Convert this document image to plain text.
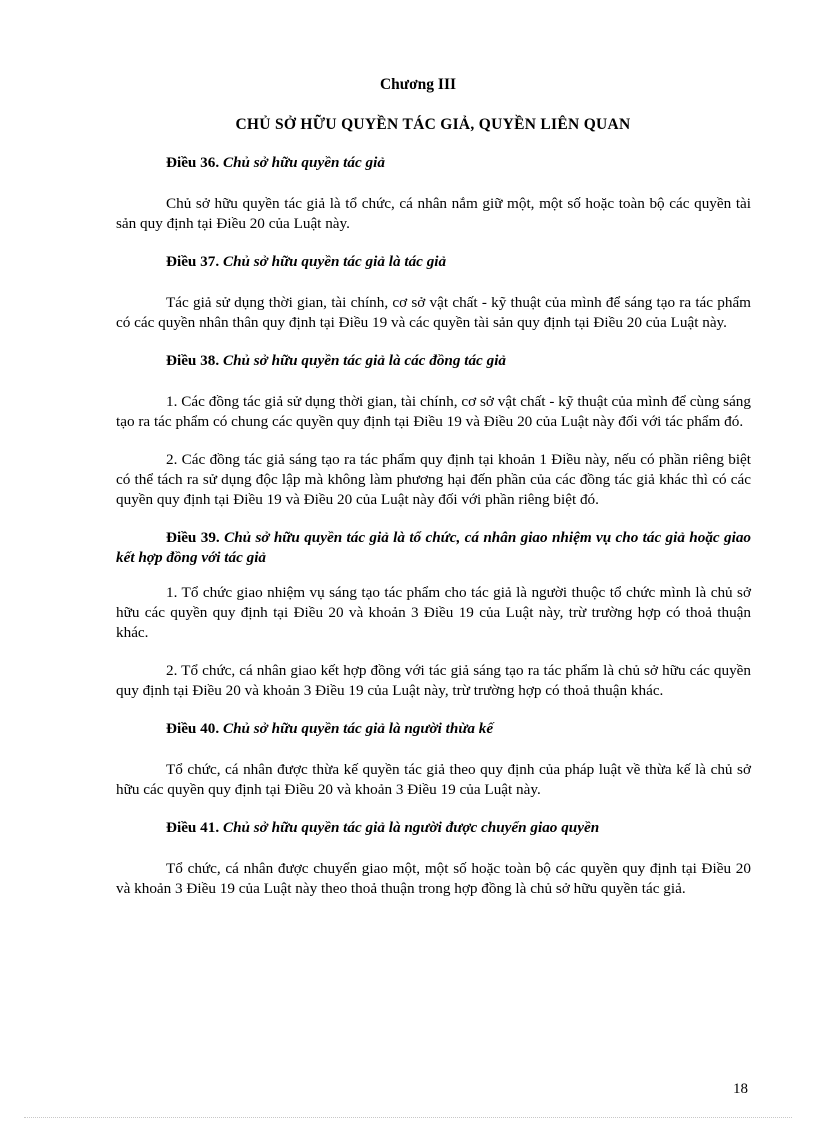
Chương III
CHỦ SỞ HỮU QUYỀN TÁC GIẢ, QUYỀN LIÊN QUAN

Điều 36. Chủ sở hữu quyền tác giả

Chủ sở hữu quyền tác giả là tổ chức, cá nhân nắm giữ một, một số hoặc toàn bộ các quyền tài sản quy định tại Điều 20 của Luật này.

Điều 37. Chủ sở hữu quyền tác giả là tác giả

Tác giả sử dụng thời gian, tài chính, cơ sở vật chất - kỹ thuật của mình để sáng tạo ra tác phẩm có các quyền nhân thân quy định tại Điều 19 và các quyền tài sản quy định tại Điều 20 của Luật này.

Điều 38. Chủ sở hữu quyền tác giả là các đồng tác giả

1. Các đồng tác giả sử dụng thời gian, tài chính, cơ sở vật chất - kỹ thuật của mình để cùng sáng tạo ra tác phẩm có chung các quyền quy định tại Điều 19 và Điều 20 của Luật này đối với tác phẩm đó.

2. Các đồng tác giả sáng tạo ra tác phẩm quy định tại khoản 1 Điều này, nếu có phần riêng biệt có thể tách ra sử dụng độc lập mà không làm phương hại đến phần của các đồng tác giả khác thì có các quyền quy định tại Điều 19 và Điều 20 của Luật này đối với phần riêng biệt đó.

Điều 39. Chủ sở hữu quyền tác giả là tổ chức, cá nhân giao nhiệm vụ cho tác giả hoặc giao kết hợp đồng với tác giả

1. Tổ chức giao nhiệm vụ sáng tạo tác phẩm cho tác giả là người thuộc tổ chức mình là chủ sở hữu các quyền quy định tại Điều 20 và khoản 3 Điều 19 của Luật này, trừ trường hợp có thoả thuận khác.

2. Tổ chức, cá nhân giao kết hợp đồng với tác giả sáng tạo ra tác phẩm là chủ sở hữu các quyền quy định tại Điều 20 và khoản 3 Điều 19 của Luật này, trừ trường hợp có thoả thuận khác.

Điều 40. Chủ sở hữu quyền tác giả là người thừa kế

Tổ chức, cá nhân được thừa kế quyền tác giả theo quy định của pháp luật về thừa kế là chủ sở hữu các quyền quy định tại Điều 20 và khoản 3 Điều 19 của Luật này.

Điều 41. Chủ sở hữu quyền tác giả là người được chuyển giao quyền

Tổ chức, cá nhân được chuyển giao một, một số hoặc toàn bộ các quyền quy định tại Điều 20 và khoản 3 Điều 19 của Luật này theo thoả thuận trong hợp đồng là chủ sở hữu quyền tác giả.

18
